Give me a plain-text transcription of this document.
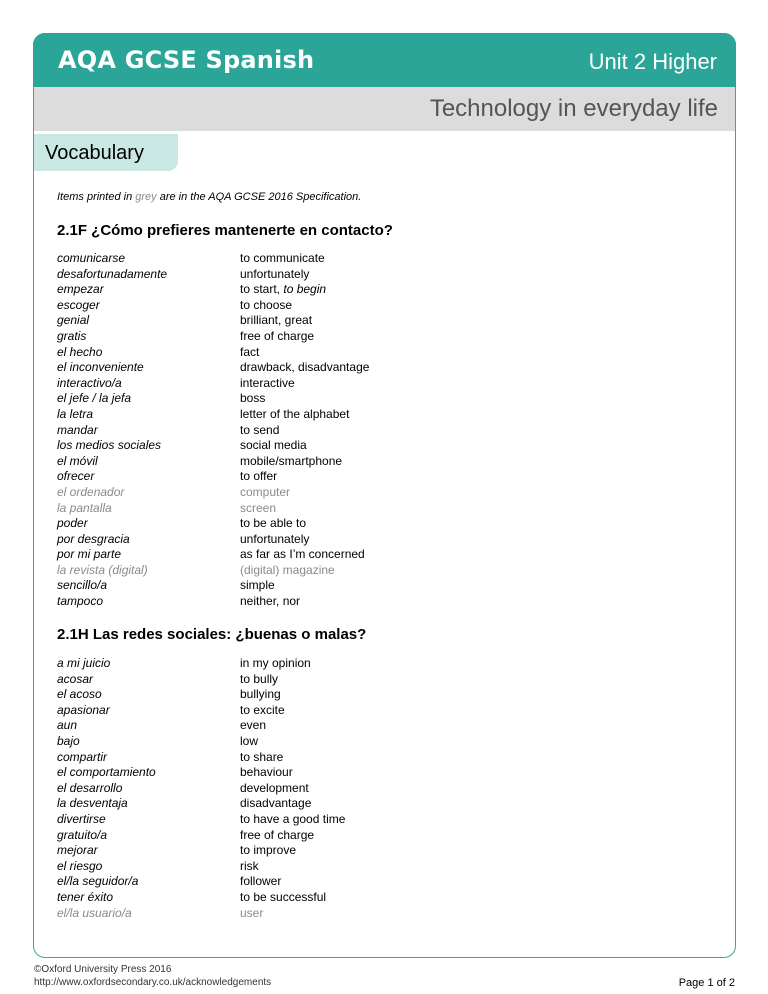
AQA GCSE Spanish	Unit 2 Higher
Technology in everyday life
Vocabulary
Items printed in grey are in the AQA GCSE 2016 Specification.
2.1F ¿Cómo prefieres mantenerte en contacto?
comunicarse	to communicate
desafortunadamente	unfortunately
empezar	to start, to begin
escoger	to choose
genial	brilliant, great
gratis	free of charge
el hecho	fact
el inconveniente	drawback, disadvantage
interactivo/a	interactive
el jefe / la jefa	boss
la letra	letter of the alphabet
mandar	to send
los medios sociales	social media
el móvil	mobile/smartphone
ofrecer	to offer
el ordenador	computer
la pantalla	screen
poder	to be able to
por desgracia	unfortunately
por mi parte	as far as I’m concerned
la revista (digital)	(digital) magazine
sencillo/a	simple
tampoco	neither, nor
2.1H Las redes sociales: ¿buenas o malas?
a mi juicio	in my opinion
acosar	to bully
el acoso	bullying
apasionar	to excite
aun	even
bajo	low
compartir	to share
el comportamiento	behaviour
el desarrollo	development
la desventaja	disadvantage
divertirse	to have a good time
gratuito/a	free of charge
mejorar	to improve
el riesgo	risk
el/la seguidor/a	follower
tener éxito	to be successful
el/la usuario/a	user
©Oxford University Press 2016
http://www.oxfordsecondary.co.uk/acknowledgements	Page 1 of 2
